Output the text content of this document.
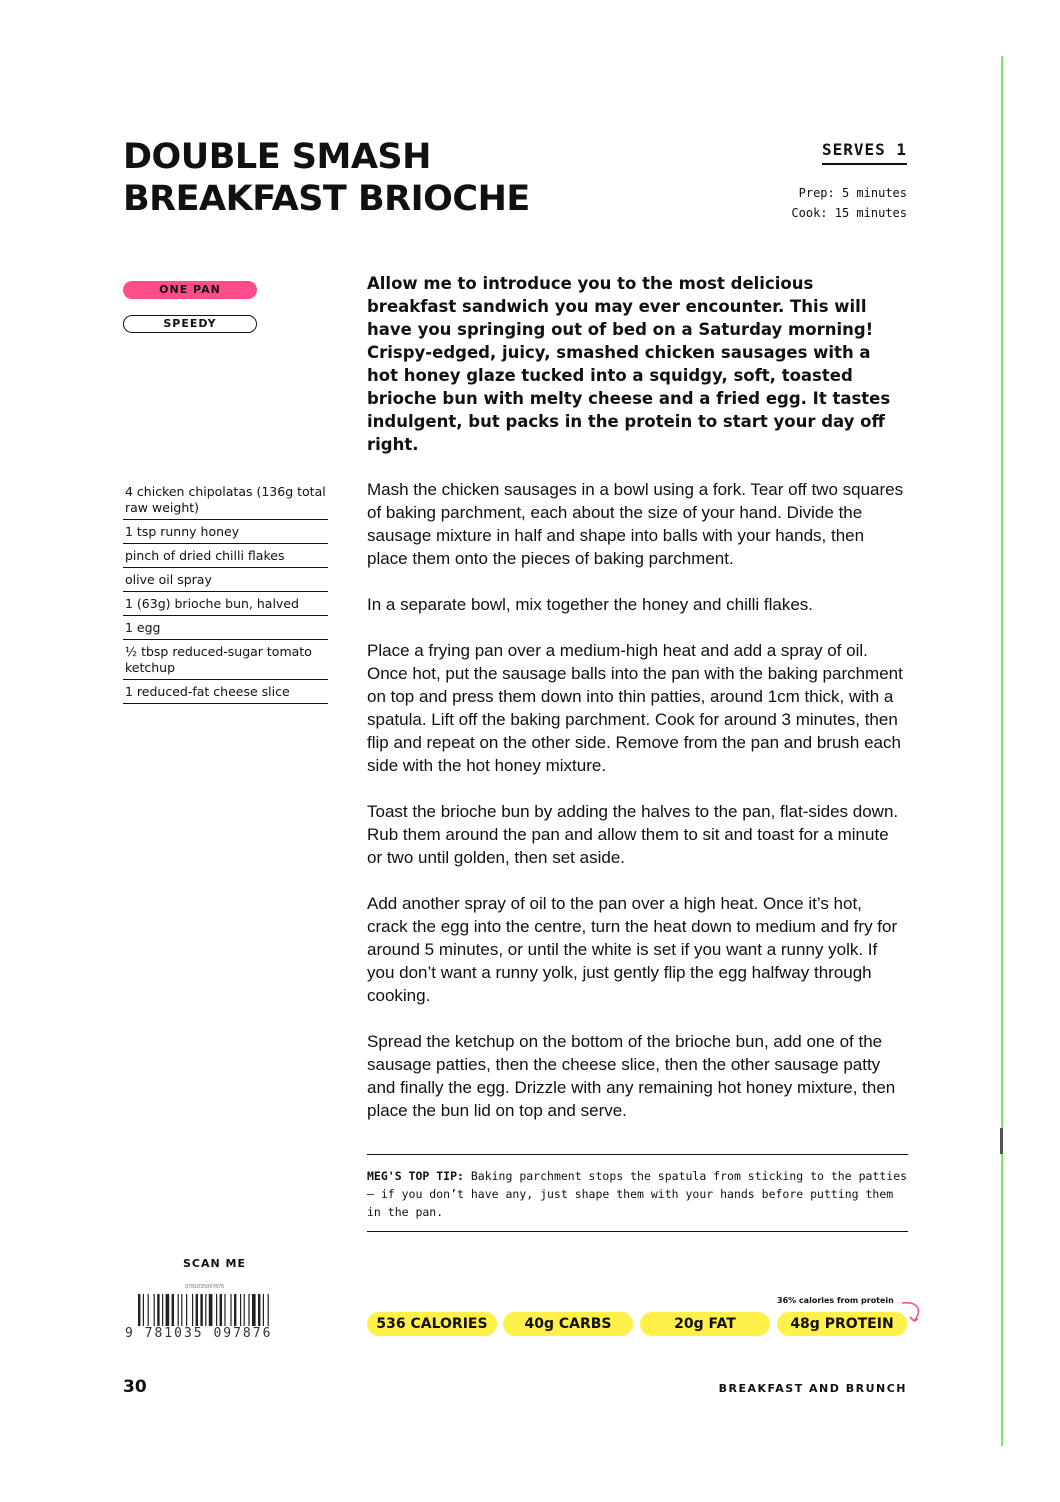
DOUBLE SMASH
BREAKFAST BRIOCHE
SERVES 1
Prep: 5 minutes
Cook: 15 minutes
ONE PAN
SPEEDY

Allow me to introduce you to the most delicious breakfast sandwich you may ever encounter. This will have you springing out of bed on a Saturday morning! Crispy-edged, juicy, smashed chicken sausages with a hot honey glaze tucked into a squidgy, soft, toasted brioche bun with melty cheese and a fried egg. It tastes indulgent, but packs in the protein to start your day off right.

4 chicken chipolatas (136g total raw weight)
1 tsp runny honey
pinch of dried chilli flakes
olive oil spray
1 (63g) brioche bun, halved
1 egg
½ tbsp reduced-sugar tomato ketchup
1 reduced-fat cheese slice

Mash the chicken sausages in a bowl using a fork. Tear off two squares of baking parchment, each about the size of your hand. Divide the sausage mixture in half and shape into balls with your hands, then place them onto the pieces of baking parchment.

In a separate bowl, mix together the honey and chilli flakes.

Place a frying pan over a medium-high heat and add a spray of oil. Once hot, put the sausage balls into the pan with the baking parchment on top and press them down into thin patties, around 1cm thick, with a spatula. Lift off the baking parchment. Cook for around 3 minutes, then flip and repeat on the other side. Remove from the pan and brush each side with the hot honey mixture.

Toast the brioche bun by adding the halves to the pan, flat-sides down. Rub them around the pan and allow them to sit and toast for a minute or two until golden, then set aside.

Add another spray of oil to the pan over a high heat. Once it’s hot, crack the egg into the centre, turn the heat down to medium and fry for around 5 minutes, or until the white is set if you want a runny yolk. If you don’t want a runny yolk, just gently flip the egg halfway through cooking.

Spread the ketchup on the bottom of the brioche bun, add one of the sausage patties, then the cheese slice, then the other sausage patty and finally the egg. Drizzle with any remaining hot honey mixture, then place the bun lid on top and serve.

MEG'S TOP TIP: Baking parchment stops the spatula from sticking to the patties – if you don’t have any, just shape them with your hands before putting them in the pan.
SCAN ME
9781035097876
9 781035 097876
36% calories from protein
536 CALORIES	40g CARBS	20g FAT	48g PROTEIN
30	BREAKFAST AND BRUNCH
